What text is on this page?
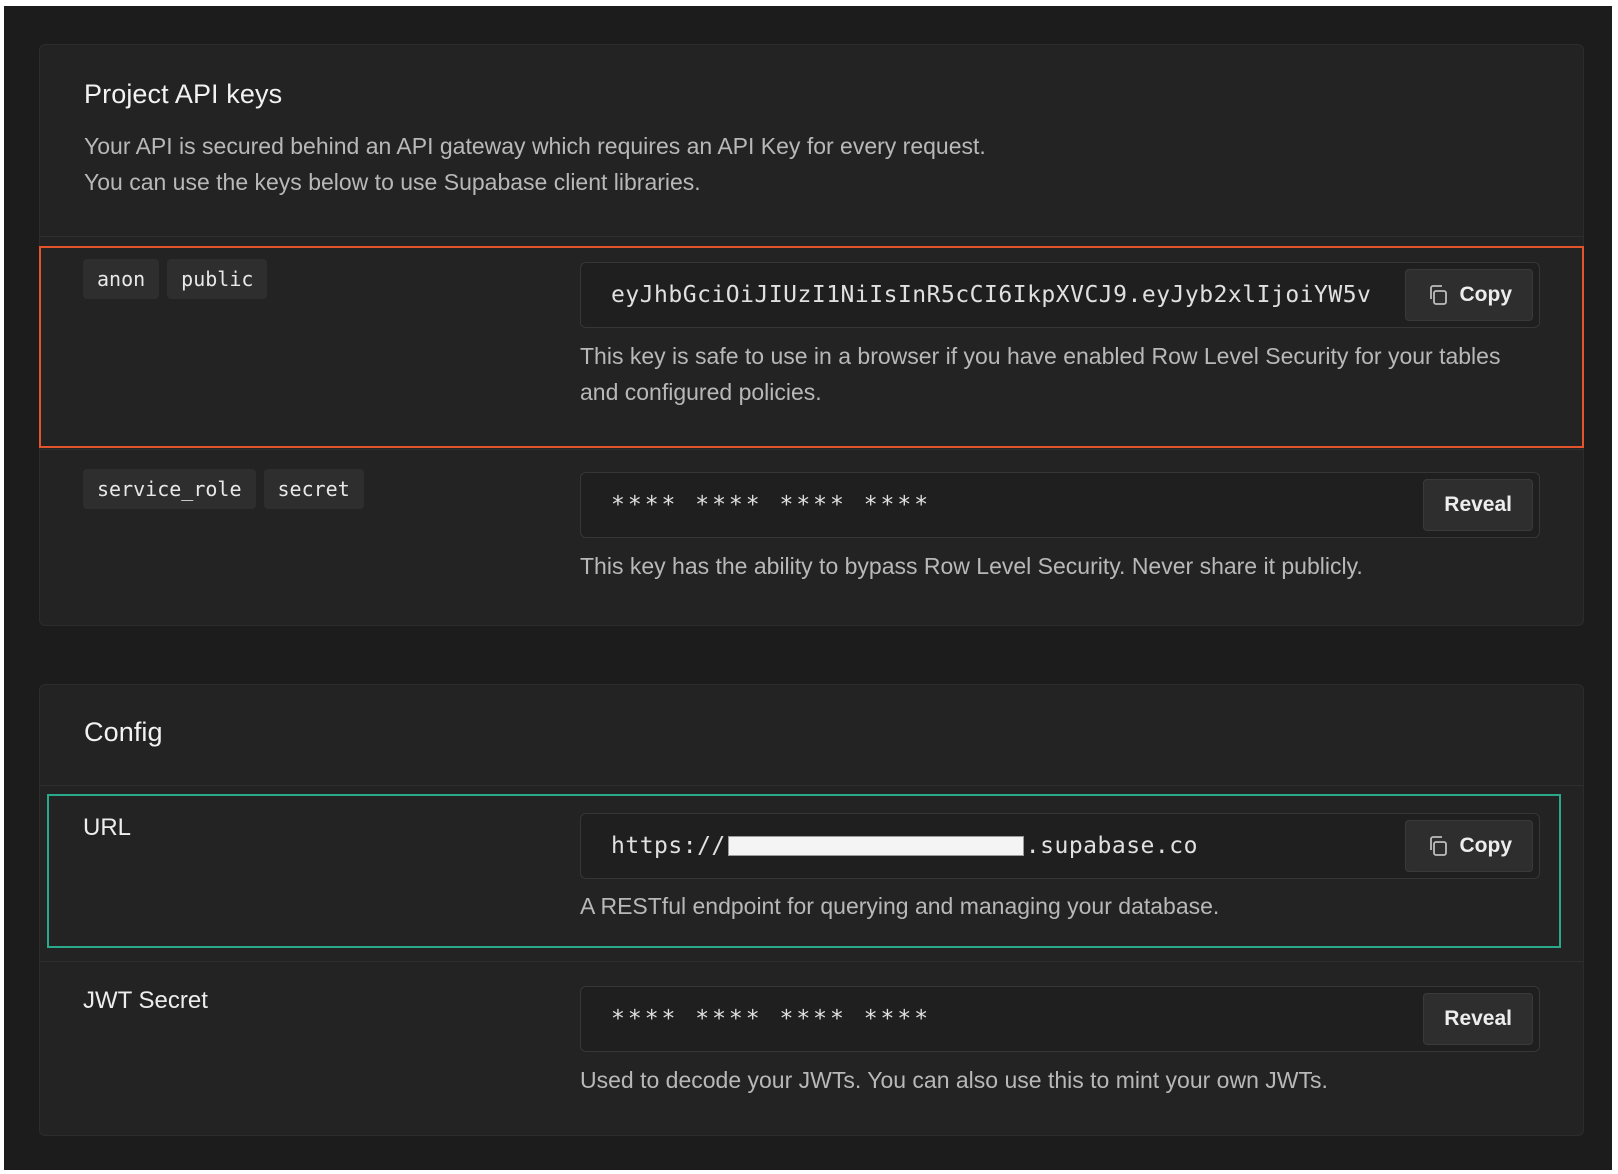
Project API keys

Your API is secured behind an API gateway which requires an API Key for every request.
You can use the keys below to use Supabase client libraries.

anon	public
eyJhbGciOiJIUzI1NiIsInR5cCI6IkpXVCJ9.eyJyb2xlIjoiYW5v	Copy

This key is safe to use in a browser if you have enabled Row Level Security for your tables and configured policies.

service_role	secret
**** **** **** ****	Reveal

This key has the ability to bypass Row Level Security. Never share it publicly.

Config
URL
https://	.supabase.co	Copy

A RESTful endpoint for querying and managing your database.

JWT Secret
**** **** **** ****	Reveal

Used to decode your JWTs. You can also use this to mint your own JWTs.
